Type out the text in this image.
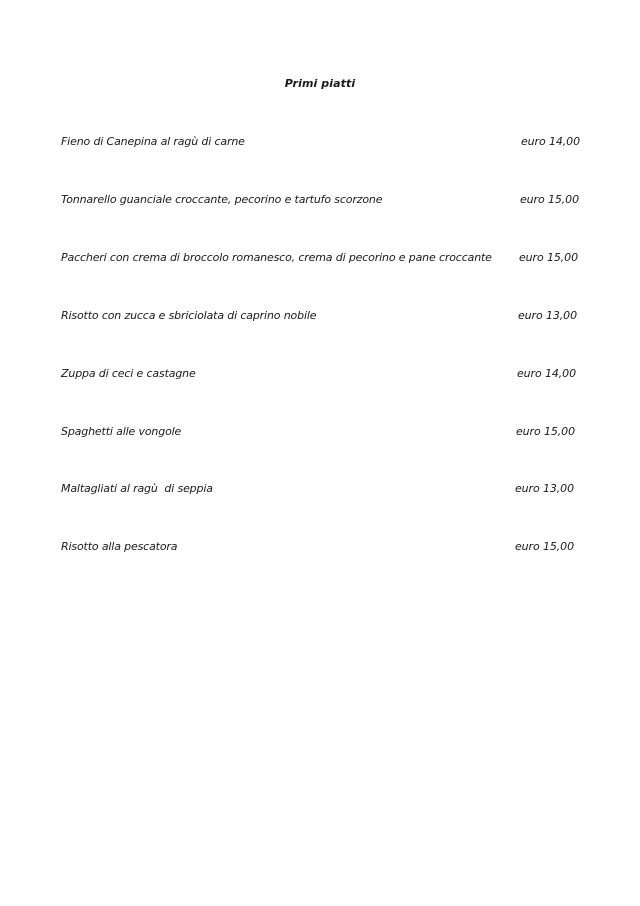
Primi piatti
Fieno di Canepina al ragù di carne	euro 14,00
Tonnarello guanciale croccante, pecorino e tartufo scorzone	euro 15,00
Paccheri con crema di broccolo romanesco, crema di pecorino e pane croccante euro 15,00
Risotto con zucca e sbriciolata di caprino nobile	euro 13,00
Zuppa di ceci e castagne	euro 14,00
Spaghetti alle vongole	euro 15,00
Maltagliati al ragù  di seppia	euro 13,00
Risotto alla pescatora	euro 15,00
